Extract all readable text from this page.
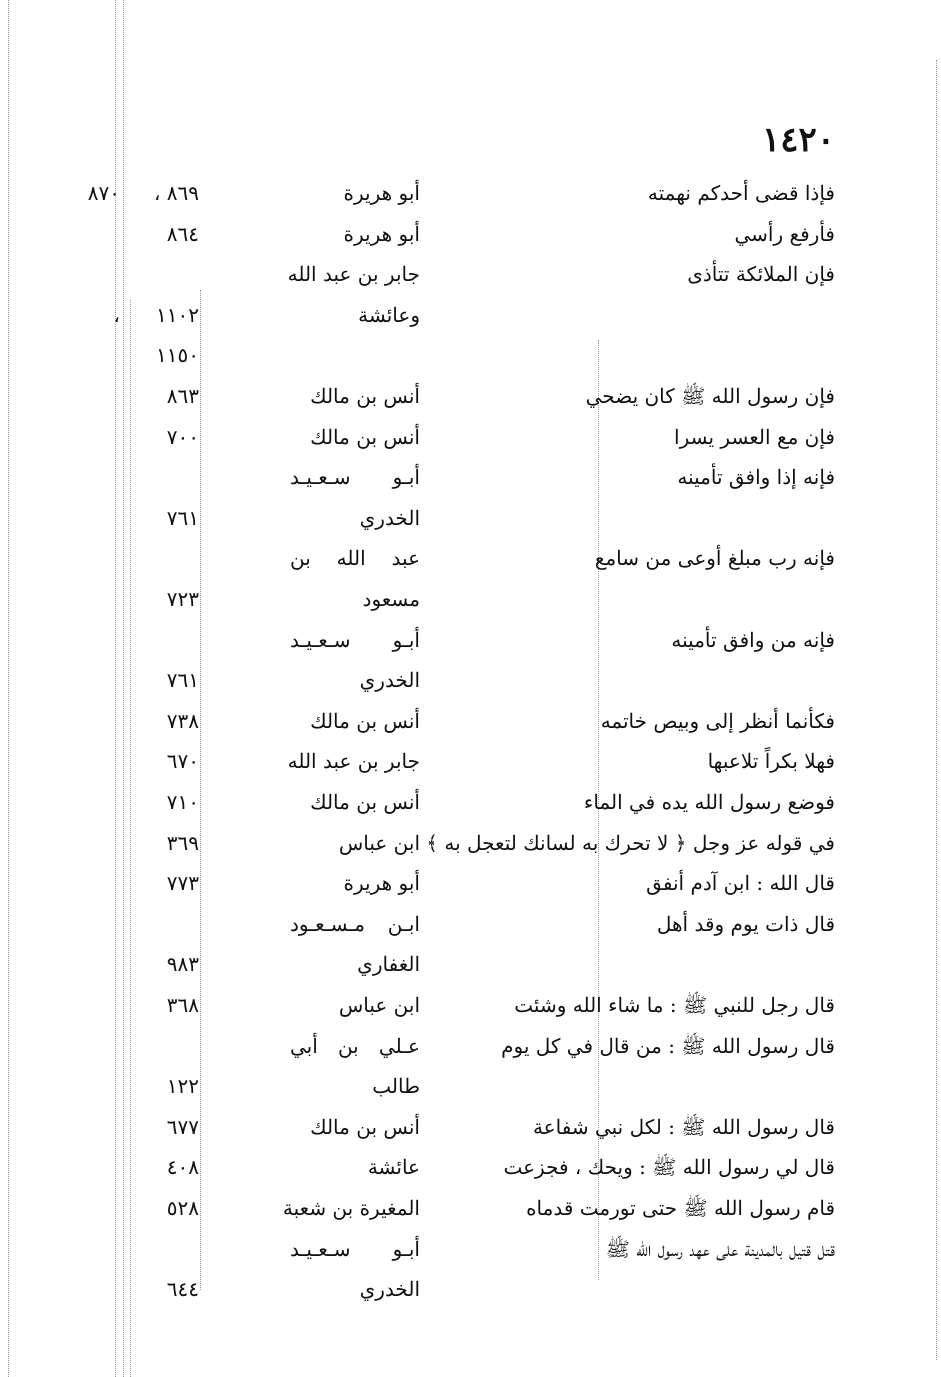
١٤٢٠
فإذا قضى أحدكم نهمته
أبو هريرة
٨٦٩ ،
٨٧٠
فأرفع رأسي
أبو هريرة
٨٦٤
فإن الملائكة تتأذى
جابر بن عبد الله
وعائشة
١١٠٢
،
١١٥٠
فإن رسول الله ﷺ كان يضحي
أنس بن مالك
٨٦٣
فإن مع العسر يسرا
أنس بن مالك
٧٠٠
فإنه إذا وافق تأمينه
أبـو سـعـيـد
الخدري
٧٦١
فإنه رب مبلغ أوعى من سامع
عبد الله بن
مسعود
٧٢٣
فإنه من وافق تأمينه
أبـو سـعـيـد
الخدري
٧٦١
فكأنما أنظر إلى وبيص خاتمه
أنس بن مالك
٧٣٨
فهلا بكراً تلاعبها
جابر بن عبد الله
٦٧٠
فوضع رسول الله يده في الماء
أنس بن مالك
٧١٠
في قوله عز وجل ﴿ لا تحرك به لسانك لتعجل به ﴾
ابن عباس
٣٦٩
قال الله : ابن آدم أنفق
أبو هريرة
٧٧٣
قال ذات يوم وقد أهل
ابـن مـسـعـود
الغفاري
٩٨٣
قال رجل للنبي ﷺ : ما شاء الله وشئت
ابن عباس
٣٦٨
قال رسول الله ﷺ : من قال في كل يوم
عـلي بن أبي
طالب
١٢٢
قال رسول الله ﷺ : لكل نبي شفاعة
أنس بن مالك
٦٧٧
قال لي رسول الله ﷺ : ويحك ، فجزعت
عائشة
٤٠٨
قام رسول الله ﷺ حتى تورمت قدماه
المغيرة بن شعبة
٥٢٨
قتل قتيل بالمدينة على عهد رسول الله ﷺ
أبـو سـعـيـد
الخدري
٦٤٤
